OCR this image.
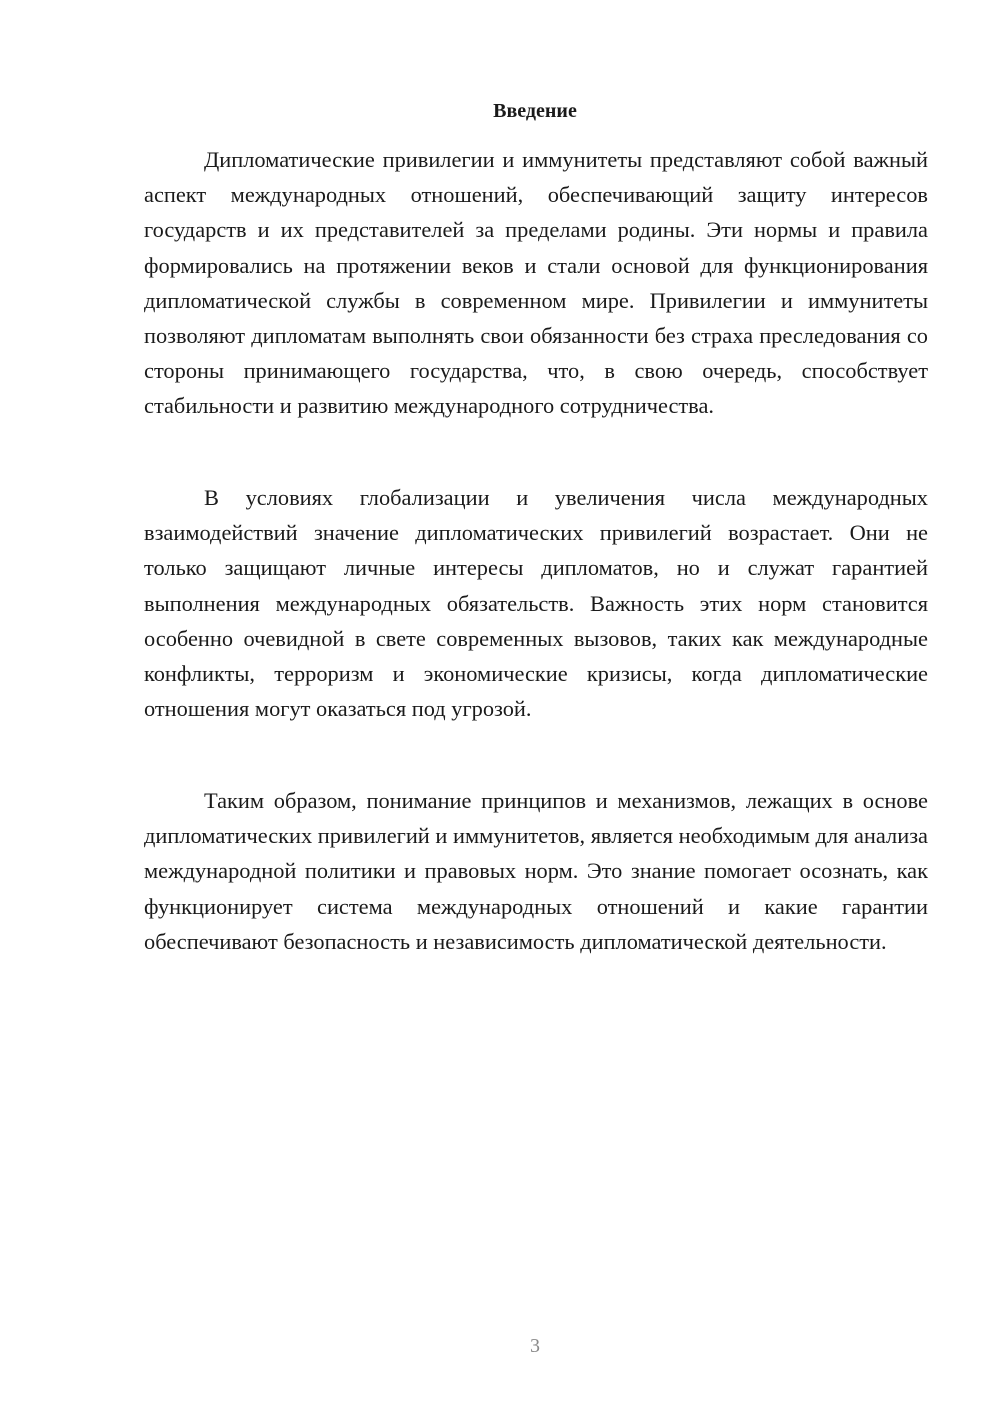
Введение

Дипломатические привилегии и иммунитеты представляют собой важный аспект международных отношений, обеспечивающий защиту интересов государств и их представителей за пределами родины. Эти нормы и правила формировались на протяжении веков и стали основой для функционирования дипломатической службы в современном мире. Привилегии и иммунитеты позволяют дипломатам выполнять свои обязанности без страха преследования со стороны принимающего государства, что, в свою очередь, способствует стабильности и развитию международного сотрудничества.

В условиях глобализации и увеличения числа международных взаимодействий значение дипломатических привилегий возрастает. Они не только защищают личные интересы дипломатов, но и служат гарантией выполнения международных обязательств. Важность этих норм становится особенно очевидной в свете современных вызовов, таких как международные конфликты, терроризм и экономические кризисы, когда дипломатические отношения могут оказаться под угрозой.

Таким образом, понимание принципов и механизмов, лежащих в основе дипломатических привилегий и иммунитетов, является необходимым для анализа международной политики и правовых норм. Это знание помогает осознать, как функционирует система международных отношений и какие гарантии обеспечивают безопасность и независимость дипломатической деятельности.

3
